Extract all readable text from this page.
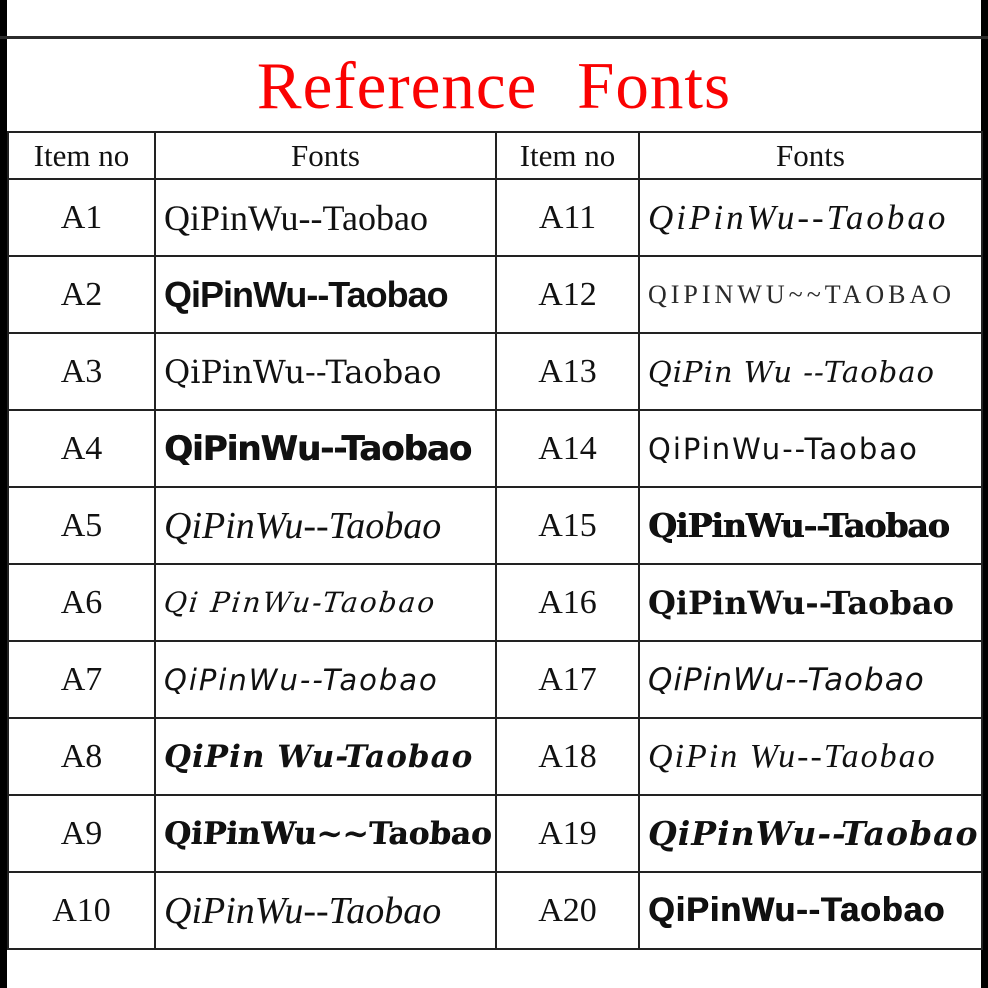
Reference Fonts
Item no	Fonts	Item no	Fonts
A1	QiPinWu--Taobao	A11	QiPinWu--Taobao
A2	QiPinWu--Taobao	A12	QIPINWU~~TAOBAO
A3	QiPinWu--Taobao	A13	QiPin Wu --Taobao
A4	QiPinWu--Taobao	A14	QiPinWu--Taobao
A5	QiPinWu--Taobao	A15	QiPinWu--Taobao
A6	Qi PinWu-Taobao	A16	QiPinWu--Taobao
A7	QiPinWu--Taobao	A17	QiPinWu--Taobao
A8	QiPin Wu-Taobao	A18	QiPin Wu--Taobao
A9	QiPinWu~~Taobao	A19	QiPinWu--Taobao
A10	QiPinWu--Taobao	A20	QiPinWu--Taobao
